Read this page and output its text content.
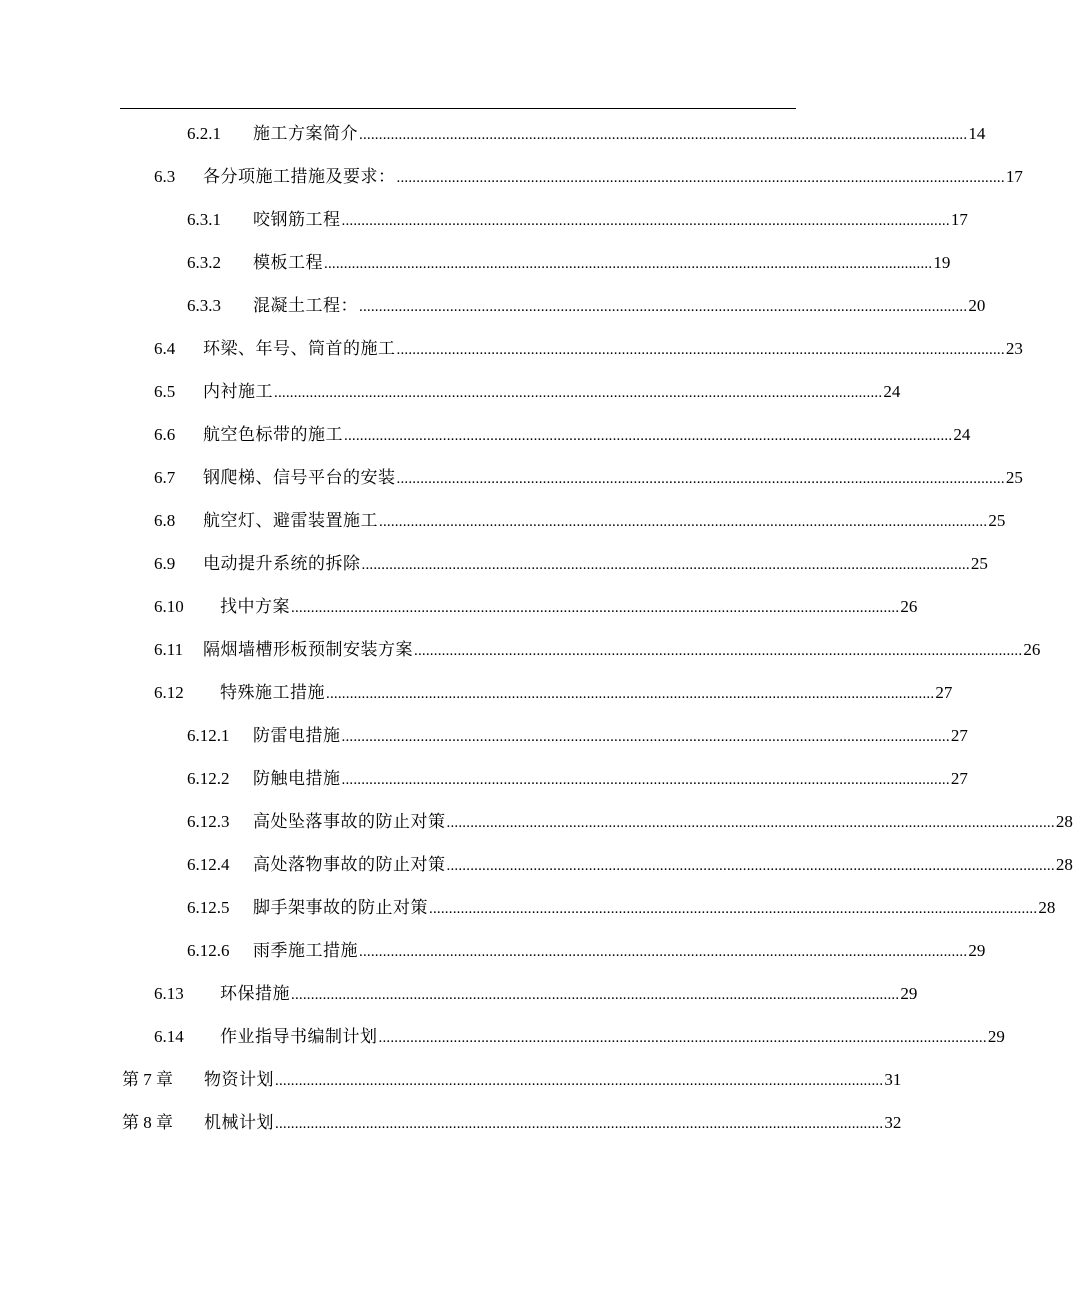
6.2.1 施工方案简介 .......................................................................................................................................................... 14
6.3 各分项施工措施及要求： .......................................................................................................................................................... 17
6.3.1 咬钢筋工程 .......................................................................................................................................................... 17
6.3.2 模板工程 .......................................................................................................................................................... 19
6.3.3 混凝土工程： .......................................................................................................................................................... 20
6.4 环梁、年号、筒首的施工 .......................................................................................................................................................... 23
6.5 内衬施工 .......................................................................................................................................................... 24
6.6 航空色标带的施工 .......................................................................................................................................................... 24
6.7 钢爬梯、信号平台的安装 .......................................................................................................................................................... 25
6.8 航空灯、避雷装置施工 .......................................................................................................................................................... 25
6.9 电动提升系统的拆除 .......................................................................................................................................................... 25
6.10 找中方案 .......................................................................................................................................................... 26
6.11 隔烟墙槽形板预制安装方案 .......................................................................................................................................................... 26
6.12 特殊施工措施 .......................................................................................................................................................... 27
6.12.1 防雷电措施 .......................................................................................................................................................... 27
6.12.2 防触电措施 .......................................................................................................................................................... 27
6.12.3 高处坠落事故的防止对策 .......................................................................................................................................................... 28
6.12.4 高处落物事故的防止对策 .......................................................................................................................................................... 28
6.12.5 脚手架事故的防止对策 .......................................................................................................................................................... 28
6.12.6 雨季施工措施 .......................................................................................................................................................... 29
6.13 环保措施 .......................................................................................................................................................... 29
6.14 作业指导书编制计划 .......................................................................................................................................................... 29
第 7 章 物资计划 .......................................................................................................................................................... 31
第 8 章 机械计划 .......................................................................................................................................................... 32
